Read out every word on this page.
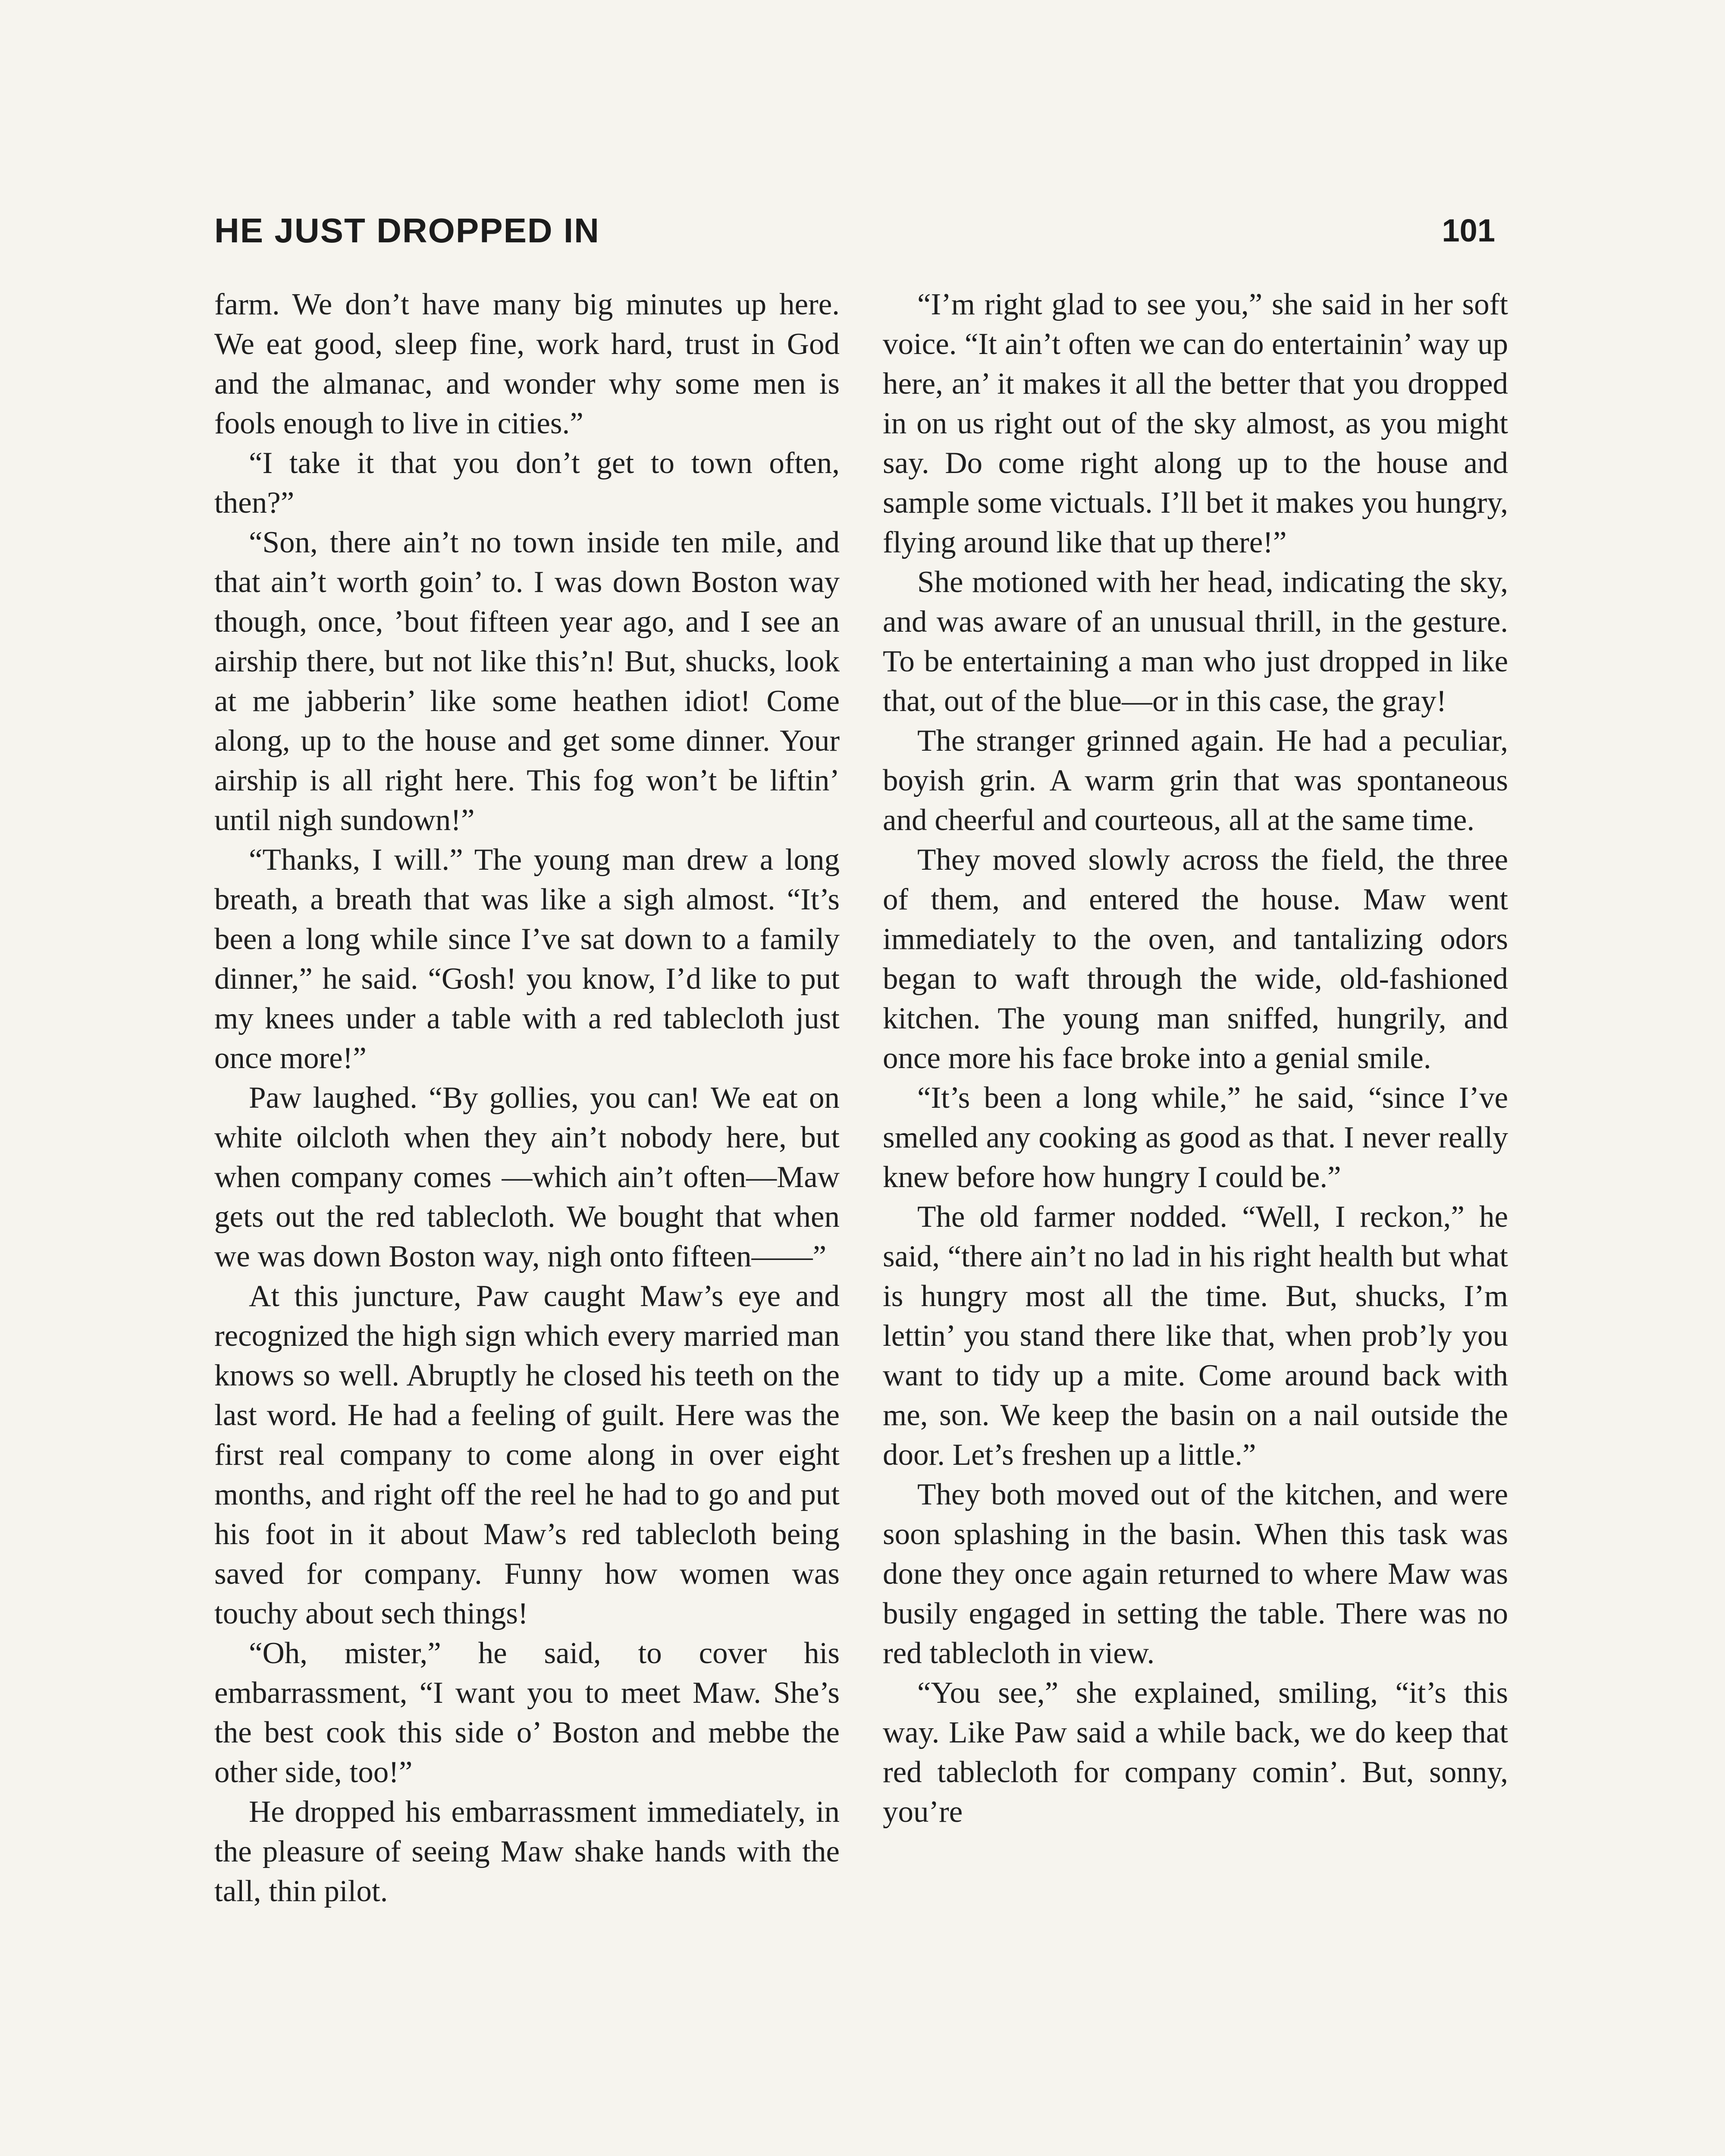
HE JUST DROPPED IN	101

farm. We don’t have many big minutes up here. We eat good, sleep fine, work hard, trust in God and the almanac, and wonder why some men is fools enough to live in cities.”

“I take it that you don’t get to town often, then?”

“Son, there ain’t no town inside ten mile, and that ain’t worth goin’ to. I was down Boston way though, once, ’bout fifteen year ago, and I see an airship there, but not like this’n! But, shucks, look at me jabberin’ like some heathen idiot! Come along, up to the house and get some dinner. Your airship is all right here. This fog won’t be liftin’ until nigh sundown!”

“Thanks, I will.” The young man drew a long breath, a breath that was like a sigh almost. “It’s been a long while since I’ve sat down to a family dinner,” he said. “Gosh! you know, I’d like to put my knees under a table with a red tablecloth just once more!”

Paw laughed. “By gollies, you can! We eat on white oilcloth when they ain’t nobody here, but when company comes —which ain’t often—Maw gets out the red tablecloth. We bought that when we was down Boston way, nigh onto fifteen——”

At this juncture, Paw caught Maw’s eye and recognized the high sign which every married man knows so well. Abruptly he closed his teeth on the last word. He had a feeling of guilt. Here was the first real company to come along in over eight months, and right off the reel he had to go and put his foot in it about Maw’s red tablecloth being saved for company. Funny how women was touchy about sech things!

“Oh, mister,” he said, to cover his embarrassment, “I want you to meet Maw. She’s the best cook this side o’ Boston and mebbe the other side, too!”

He dropped his embarrassment immediately, in the pleasure of seeing Maw shake hands with the tall, thin pilot.

“I’m right glad to see you,” she said in her soft voice. “It ain’t often we can do entertainin’ way up here, an’ it makes it all the better that you dropped in on us right out of the sky almost, as you might say. Do come right along up to the house and sample some victuals. I’ll bet it makes you hungry, flying around like that up there!”

She motioned with her head, indicating the sky, and was aware of an unusual thrill, in the gesture. To be entertaining a man who just dropped in like that, out of the blue—or in this case, the gray!

The stranger grinned again. He had a peculiar, boyish grin. A warm grin that was spontaneous and cheerful and courteous, all at the same time.

They moved slowly across the field, the three of them, and entered the house. Maw went immediately to the oven, and tantalizing odors began to waft through the wide, old-fashioned kitchen. The young man sniffed, hungrily, and once more his face broke into a genial smile.

“It’s been a long while,” he said, “since I’ve smelled any cooking as good as that. I never really knew before how hungry I could be.”

The old farmer nodded. “Well, I reckon,” he said, “there ain’t no lad in his right health but what is hungry most all the time. But, shucks, I’m lettin’ you stand there like that, when prob’ly you want to tidy up a mite. Come around back with me, son. We keep the basin on a nail outside the door. Let’s freshen up a little.”

They both moved out of the kitchen, and were soon splashing in the basin. When this task was done they once again returned to where Maw was busily engaged in setting the table. There was no red tablecloth in view.

“You see,” she explained, smiling, “it’s this way. Like Paw said a while back, we do keep that red tablecloth for company comin’. But, sonny, you’re
